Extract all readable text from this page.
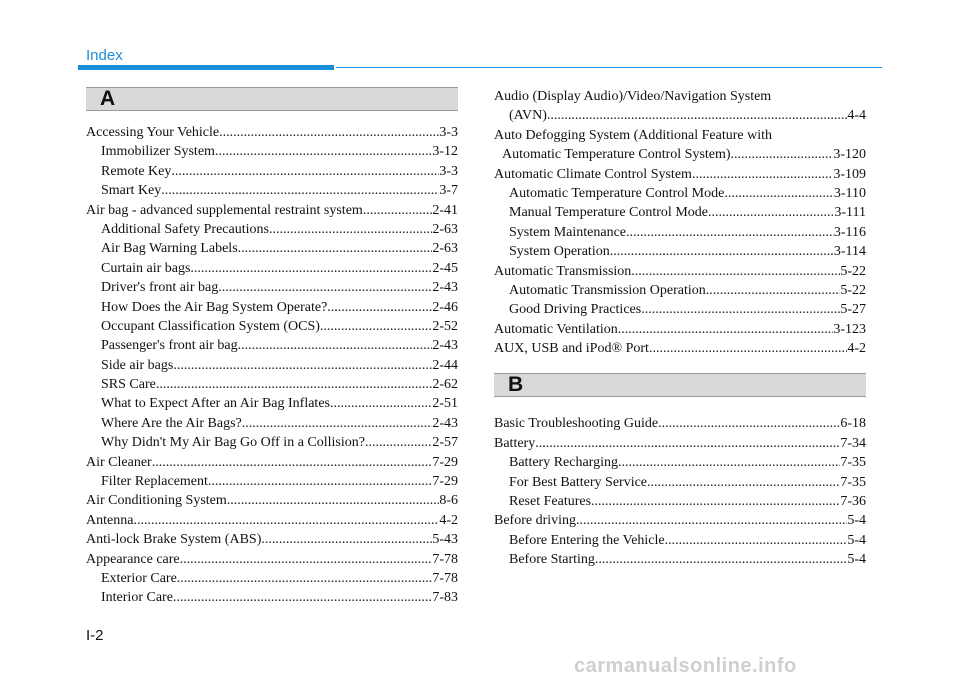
Index
A
Accessing Your Vehicle .....	3-3
Immobilizer System .....	3-12
Remote Key .....	3-3
Smart Key .....	3-7
Air bag - advanced supplemental restraint system .....	2-41
Additional Safety Precautions .....	2-63
Air Bag Warning Labels .....	2-63
Curtain air bags .....	2-45
Driver's front air bag .....	2-43
How Does the Air Bag System Operate? .....	2-46
Occupant Classification System (OCS) .....	2-52
Passenger's front air bag .....	2-43
Side air bags .....	2-44
SRS Care .....	2-62
What to Expect After an Air Bag Inflates .....	2-51
Where Are the Air Bags? .....	2-43
Why Didn't My Air Bag Go Off in a Collision? .....	2-57
Air Cleaner .....	7-29
Filter Replacement .....	7-29
Air Conditioning System .....	8-6
Antenna .....	4-2
Anti-lock Brake System (ABS) .....	5-43
Appearance care .....	7-78
Exterior Care .....	7-78
Interior Care .....	7-83
Audio (Display Audio)/Video/Navigation System
(AVN) .....	4-4
Auto Defogging System (Additional Feature with
Automatic Temperature Control System) .....	3-120
Automatic Climate Control System .....	3-109
Automatic Temperature Control Mode .....	3-110
Manual Temperature Control Mode .....	3-111
System Maintenance .....	3-116
System Operation .....	3-114
Automatic Transmission .....	5-22
Automatic Transmission Operation .....	5-22
Good Driving Practices .....	5-27
Automatic Ventilation .....	3-123
AUX, USB and iPod® Port .....	4-2
B
Basic Troubleshooting Guide .....	6-18
Battery .....	7-34
Battery Recharging .....	7-35
For Best Battery Service .....	7-35
Reset Features .....	7-36
Before driving .....	5-4
Before Entering the Vehicle .....	5-4
Before Starting .....	5-4
I-2
carmanualsonline.info
